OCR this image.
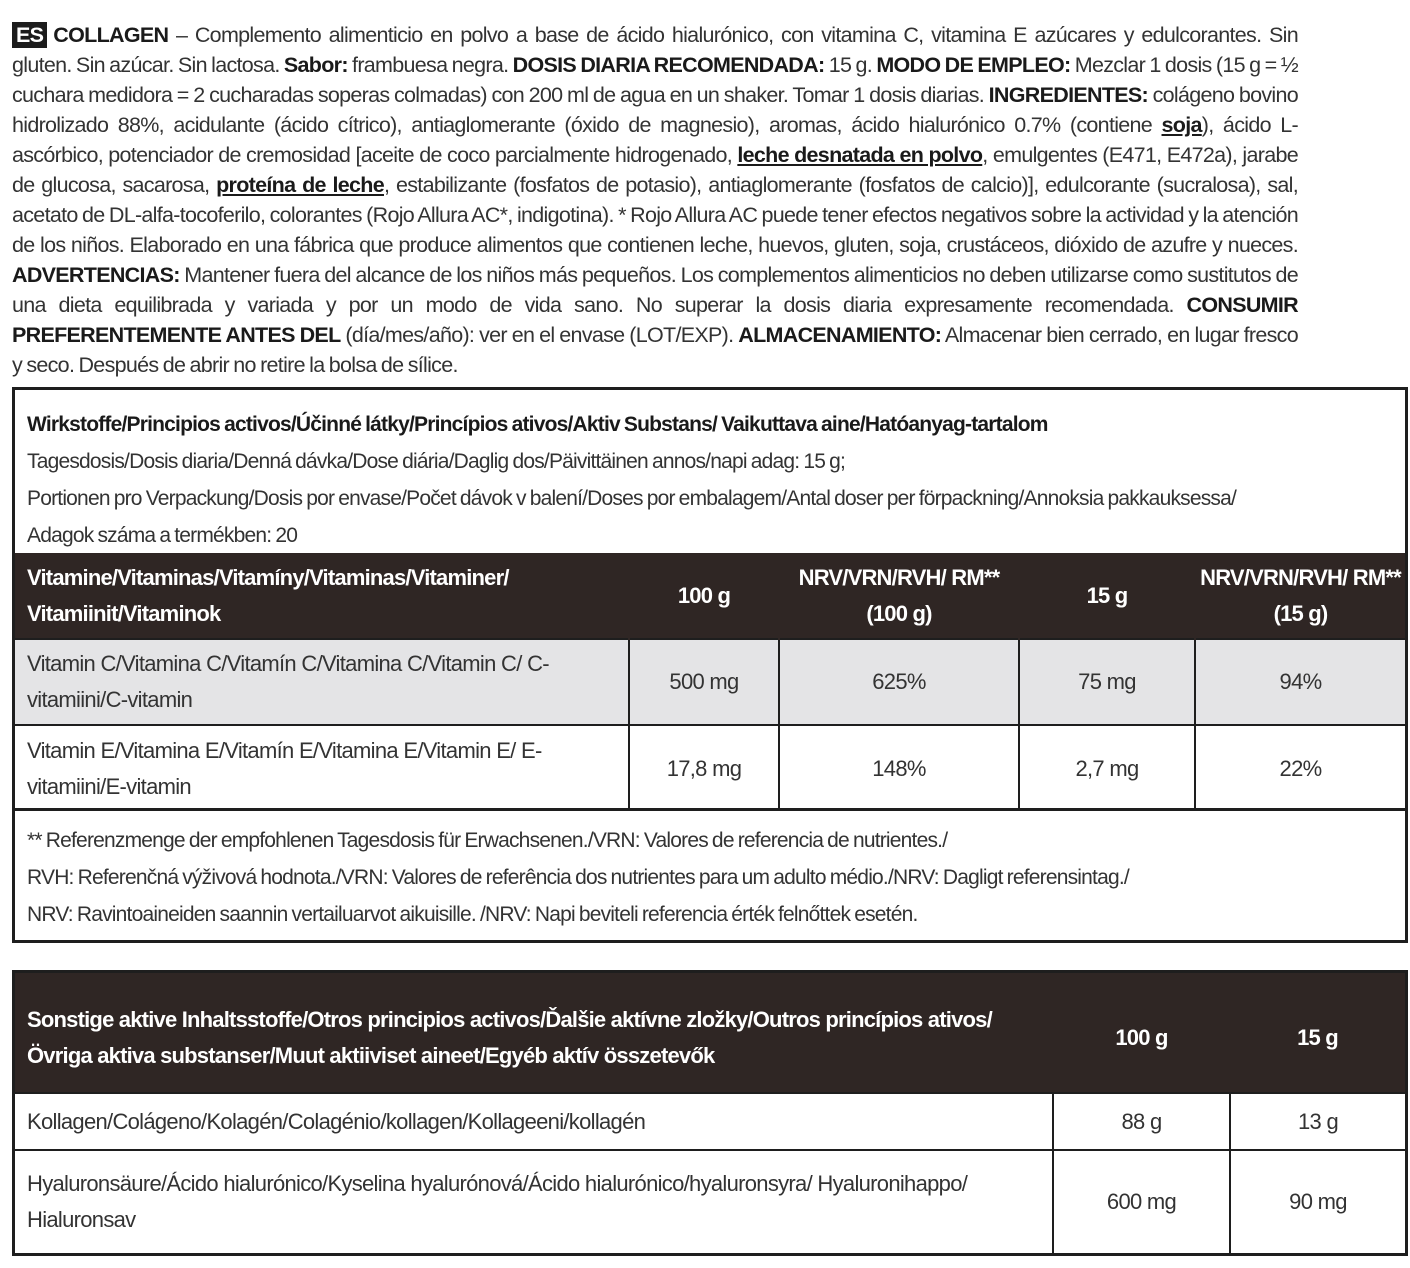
ES COLLAGEN – Complemento alimenticio en polvo a base de ácido hialurónico, con vitamina C, vitamina E azúcares y edulcorantes. Sin gluten. Sin azúcar. Sin lactosa. Sabor: frambuesa negra. DOSIS DIARIA RECOMENDADA: 15 g. MODO DE EMPLEO: Mezclar 1 dosis (15 g = ½ cuchara medidora = 2 cucharadas soperas colmadas) con 200 ml de agua en un shaker. Tomar 1 dosis diarias. INGREDIENTES: colágeno bovino hidrolizado 88%, acidulante (ácido cítrico), antiaglomerante (óxido de magnesio), aromas, ácido hialurónico 0.7% (contiene soja), ácido L-ascórbico, potenciador de cremosidad [aceite de coco parcialmente hidrogenado, leche desnatada en polvo, emulgentes (E471, E472a), jarabe de glucosa, sacarosa, proteína de leche, estabilizante (fosfatos de potasio), antiaglomerante (fosfatos de calcio)], edulcorante (sucralosa), sal, acetato de DL-alfa-tocoferilo, colorantes (Rojo Allura AC*, indigotina). * Rojo Allura AC puede tener efectos negativos sobre la actividad y la atención de los niños. Elaborado en una fábrica que produce alimentos que contienen leche, huevos, gluten, soja, crustáceos, dióxido de azufre y nueces. ADVERTENCIAS: Mantener fuera del alcance de los niños más pequeños. Los complementos alimenticios no deben utilizarse como sustitutos de una dieta equilibrada y variada y por un modo de vida sano. No superar la dosis diaria expresamente recomendada. CONSUMIR PREFERENTEMENTE ANTES DEL (día/mes/año): ver en el envase (LOT/EXP). ALMACENAMIENTO: Almacenar bien cerrado, en lugar fresco y seco. Después de abrir no retire la bolsa de sílice.
Wirkstoffe/Principios activos/Účinné látky/Princípios ativos/Aktiv Substans/ Vaikuttava aine/Hatóanyag-tartalom
Tagesdosis/Dosis diaria/Denná dávka/Dose diária/Daglig dos/Päivittäinen annos/napi adag: 15 g;
Portionen pro Verpackung/Dosis por envase/Počet dávok v balení/Doses por embalagem/Antal doser per förpackning/Annoksia pakkauksessa/
Adagok száma a termékben: 20
Vitamine/Vitaminas/Vitamíny/Vitaminas/Vitaminer/ Vitamiinit/Vitaminok	100 g	NRV/VRN/RVH/ RM** (100 g)	15 g	NRV/VRN/RVH/ RM** (15 g)
Vitamin C/Vitamina C/Vitamín C/Vitamina C/Vitamin C/ C-vitamiini/C-vitamin	500 mg	625%	75 mg	94%
Vitamin E/Vitamina E/Vitamín E/Vitamina E/Vitamin E/ E-vitamiini/E-vitamin	17,8 mg	148%	2,7 mg	22%
** Referenzmenge der empfohlenen Tagesdosis für Erwachsenen./VRN: Valores de referencia de nutrientes./
RVH: Referenčná výživová hodnota./VRN: Valores de referência dos nutrientes para um adulto médio./NRV: Dagligt referensintag./
NRV: Ravintoaineiden saannin vertailuarvot aikuisille. /NRV: Napi beviteli referencia érték felnőttek esetén.
Sonstige aktive Inhaltsstoffe/Otros principios activos/Ďalšie aktívne zložky/Outros princípios ativos/Övriga aktiva substanser/Muut aktiiviset aineet/Egyéb aktív összetevők	100 g	15 g
Kollagen/Colágeno/Kolagén/Colagénio/kollagen/Kollageeni/kollagén	88 g	13 g
Hyaluronsäure/Ácido hialurónico/Kyselina hyalurónová/Ácido hialurónico/hyaluronsyra/ Hyaluronihappo/ Hialuronsav	600 mg	90 mg
